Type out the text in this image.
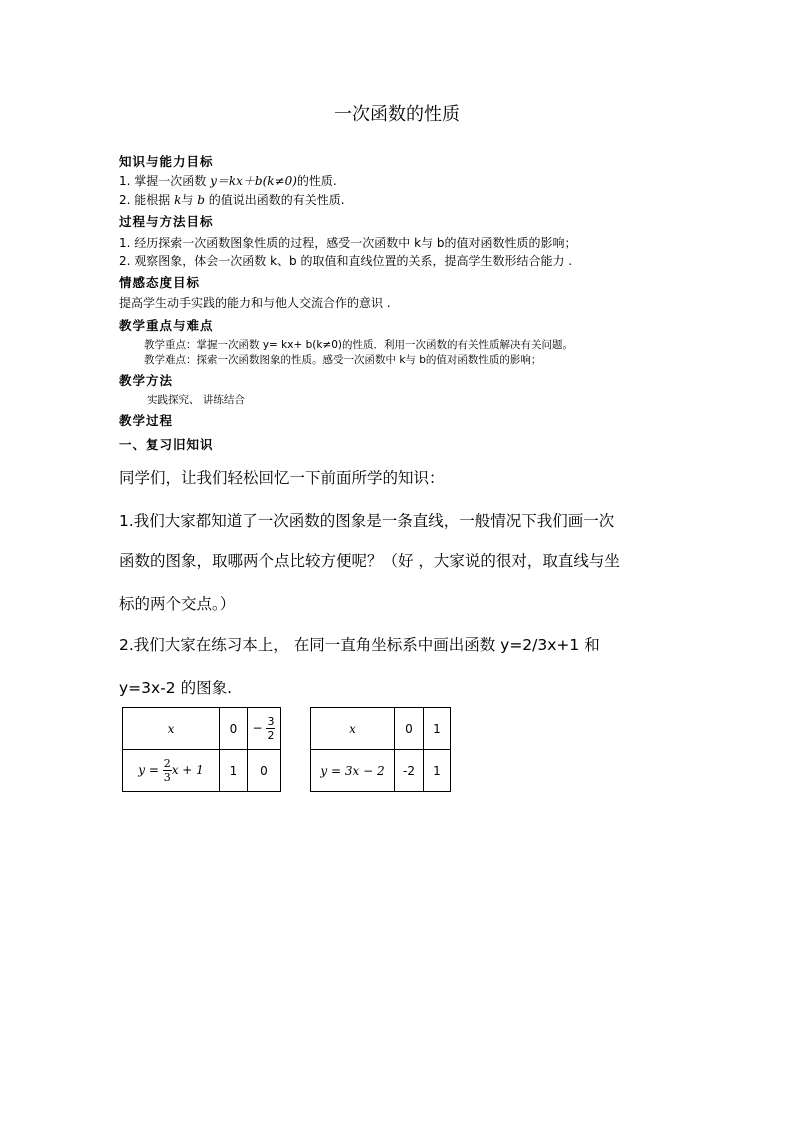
一次函数的性质
知识与能力目标
1. 掌握一次函数 y＝kx＋b(k≠0)的性质.
2. 能根据 k与 b 的值说出函数的有关性质.
过程与方法目标
1. 经历探索一次函数图象性质的过程，感受一次函数中 k与 b的值对函数性质的影响；
2. 观察图象，体会一次函数 k、b 的取值和直线位置的关系，提高学生数形结合能力 .
情感态度目标
提高学生动手实践的能力和与他人交流合作的意识 .
教学重点与难点
教学重点：掌握一次函数 y= kx+ b(k≠0)的性质．利用一次函数的有关性质解决有关问题。
教学难点：探索一次函数图象的性质。感受一次函数中 k与 b的值对函数性质的影响；
教学方法
实践探究、 讲练结合
教学过程
一、复习旧知识
同学们，让我们轻松回忆一下前面所学的知识：
1.我们大家都知道了一次函数的图象是一条直线，一般情况下我们画一次
函数的图象，取哪两个点比较方便呢？（好 ，大家说的很对，取直线与坐
标的两个交点。）
2.我们大家在练习本上， 在同一直角坐标系中画出函数 y=2/3x+1 和
y=3x-2 的图象.
x	0	− $\frac{3}{2}$

$y = \frac{2}{3}$ x + 1	1	0
x	0	1
y = 3x − 2	-2	1
